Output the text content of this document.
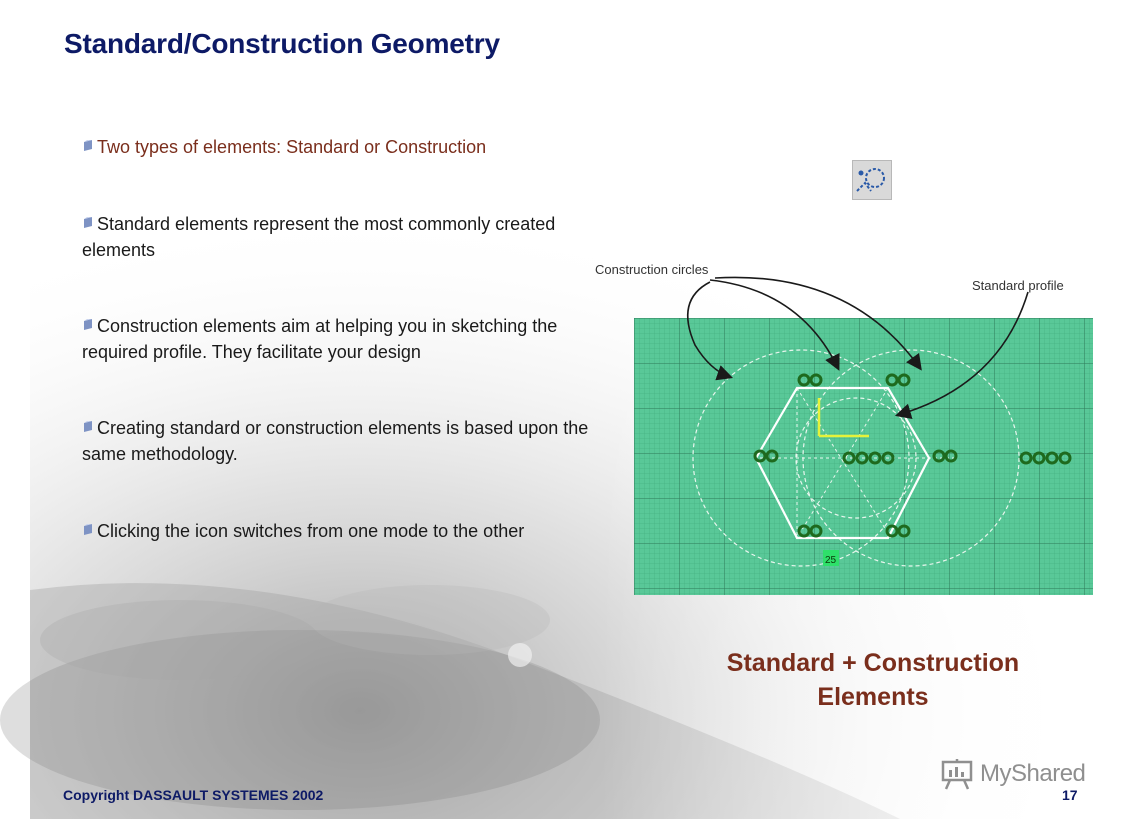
Standard/Construction Geometry
Two types of elements: Standard or Construction
Standard elements represent the most commonly created elements
Construction elements aim at helping you in sketching the required profile. They facilitate your design
Creating standard or construction elements is based upon the same methodology.
Clicking the icon switches from one mode to the other
Construction circles
Standard profile
25
Standard + Construction Elements
Copyright DASSAULT SYSTEMES 2002	17
MyShared
